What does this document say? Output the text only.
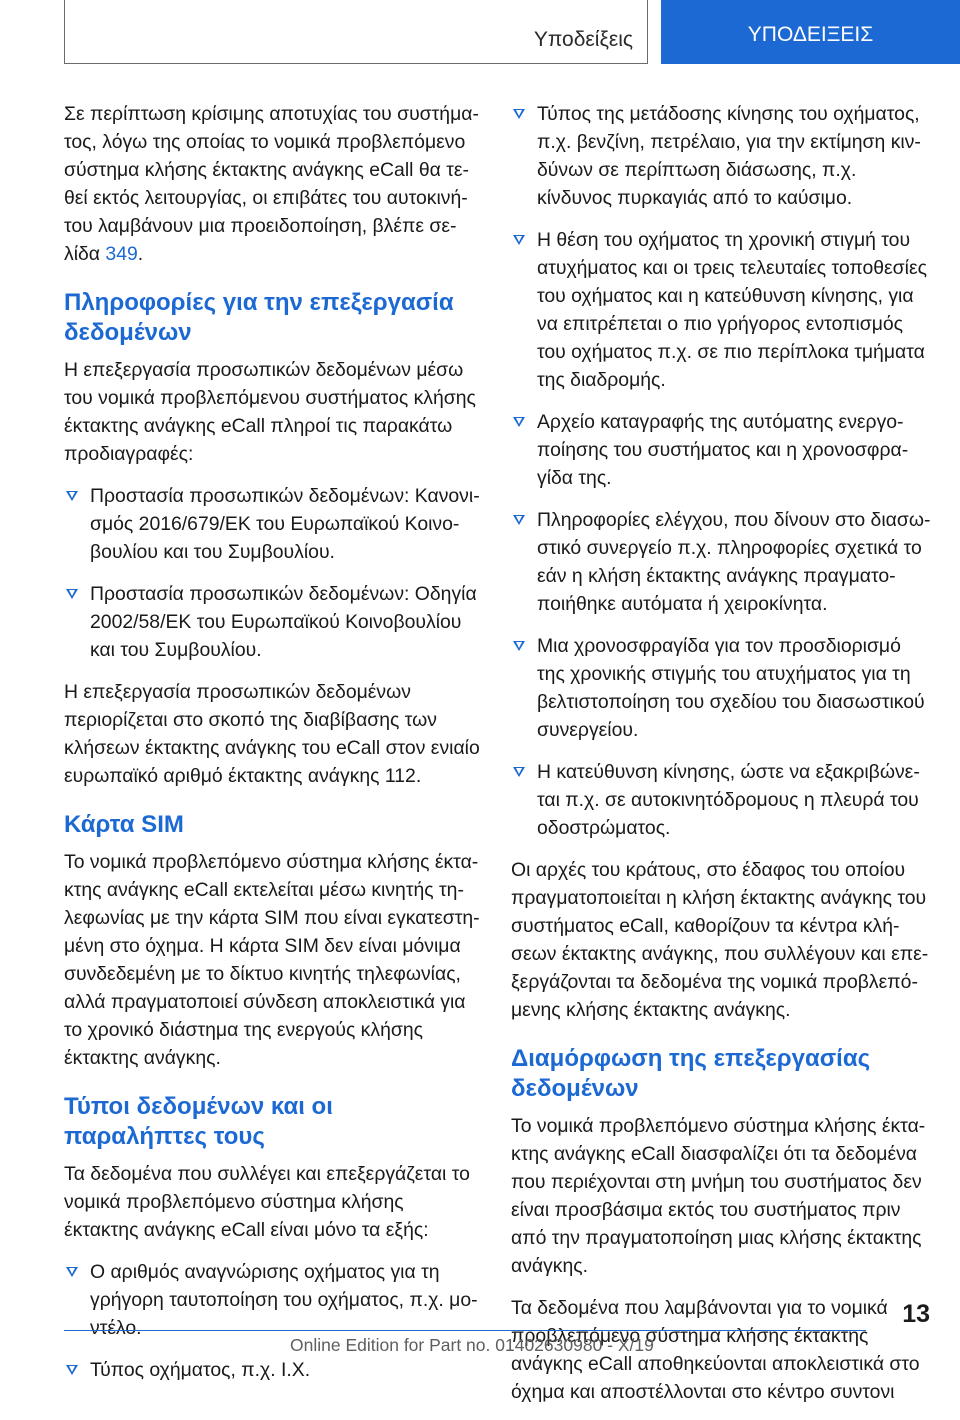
Υποδείξεις	ΥΠΟΔΕΙΞΕΙΣ

Σε περίπτωση κρίσιμης αποτυχίας του συστήματος, λόγω της οποίας το νομικά προβλεπόμενο σύστημα κλήσης έκτακτης ανάγκης eCall θα τεθεί εκτός λειτουργίας, οι επιβάτες του αυτοκινήτου λαμβάνουν μια προειδοποίηση, βλέπε σελίδα 349.

Πληροφορίες για την επεξεργασία δεδομένων

Η επεξεργασία προσωπικών δεδομένων μέσω του νομικά προβλεπόμενου συστήματος κλήσης έκτακτης ανάγκης eCall πληροί τις παρακάτω προδιαγραφές:

Προστασία προσωπικών δεδομένων: Κανονισμός 2016/679/ΕΚ του Ευρωπαϊκού Κοινοβουλίου και του Συμβουλίου.
Προστασία προσωπικών δεδομένων: Οδηγία 2002/58/ΕΚ του Ευρωπαϊκού Κοινοβουλίου και του Συμβουλίου.

Η επεξεργασία προσωπικών δεδομένων περιορίζεται στο σκοπό της διαβίβασης των κλήσεων έκτακτης ανάγκης του eCall στον ενιαίο ευρωπαϊκό αριθμό έκτακτης ανάγκης 112.

Κάρτα SIM

Το νομικά προβλεπόμενο σύστημα κλήσης έκτακτης ανάγκης eCall εκτελείται μέσω κινητής τηλεφωνίας με την κάρτα SIM που είναι εγκατεστημένη στο όχημα. Η κάρτα SIM δεν είναι μόνιμα συνδεδεμένη με το δίκτυο κινητής τηλεφωνίας, αλλά πραγματοποιεί σύνδεση αποκλειστικά για το χρονικό διάστημα της ενεργούς κλήσης έκτακτης ανάγκης.

Τύποι δεδομένων και οι παραλήπτες τους

Τα δεδομένα που συλλέγει και επεξεργάζεται το νομικά προβλεπόμενο σύστημα κλήσης έκτακτης ανάγκης eCall είναι μόνο τα εξής:

Ο αριθμός αναγνώρισης οχήματος για τη γρήγορη ταυτοποίηση του οχήματος, π.χ. μοντέλο.
Τύπος οχήματος, π.χ. Ι.Χ.
Τύπος της μετάδοσης κίνησης του οχήματος, π.χ. βενζίνη, πετρέλαιο, για την εκτίμηση κινδύνων σε περίπτωση διάσωσης, π.χ. κίνδυνος πυρκαγιάς από το καύσιμο.
Η θέση του οχήματος τη χρονική στιγμή του ατυχήματος και οι τρεις τελευταίες τοποθεσίες του οχήματος και η κατεύθυνση κίνησης, για να επιτρέπεται ο πιο γρήγορος εντοπισμός του οχήματος π.χ. σε πιο περίπλοκα τμήματα της διαδρομής.
Αρχείο καταγραφής της αυτόματης ενεργοποίησης του συστήματος και η χρονοσφραγίδα της.
Πληροφορίες ελέγχου, που δίνουν στο διασωστικό συνεργείο π.χ. πληροφορίες σχετικά το εάν η κλήση έκτακτης ανάγκης πραγματοποιήθηκε αυτόματα ή χειροκίνητα.
Μια χρονοσφραγίδα για τον προσδιορισμό της χρονικής στιγμής του ατυχήματος για τη βελτιστοποίηση του σχεδίου του διασωστικού συνεργείου.
Η κατεύθυνση κίνησης, ώστε να εξακριβώνεται π.χ. σε αυτοκινητόδρομους η πλευρά του οδοστρώματος.

Οι αρχές του κράτους, στο έδαφος του οποίου πραγματοποιείται η κλήση έκτακτης ανάγκης του συστήματος eCall, καθορίζουν τα κέντρα κλήσεων έκτακτης ανάγκης, που συλλέγουν και επεξεργάζονται τα δεδομένα της νομικά προβλεπόμενης κλήσης έκτακτης ανάγκης.

Διαμόρφωση της επεξεργασίας δεδομένων

Το νομικά προβλεπόμενο σύστημα κλήσης έκτακτης ανάγκης eCall διασφαλίζει ότι τα δεδομένα που περιέχονται στη μνήμη του συστήματος δεν είναι προσβάσιμα εκτός του συστήματος πριν από την πραγματοποίηση μιας κλήσης έκτακτης ανάγκης.

Τα δεδομένα που λαμβάνονται για το νομικά προβλεπόμενο σύστημα κλήσης έκτακτης ανάγκης eCall αποθηκεύονται αποκλειστικά στο όχημα και αποστέλλονται στο κέντρο συντονι

13
Online Edition for Part no. 01402630980 - X/19
